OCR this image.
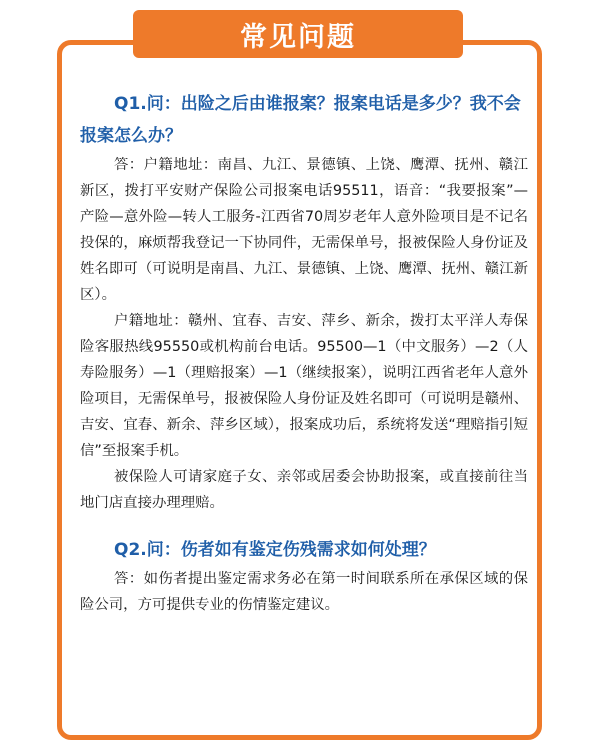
常见问题

Q1.问：出险之后由谁报案？报案电话是多少？我不会报案怎么办？

答：户籍地址：南昌、九江、景德镇、上饶、鹰潭、抚州、赣江新区，拨打平安财产保险公司报案电话95511，语音：“我要报案”—产险—意外险—转人工服务-江西省70周岁老年人意外险项目是不记名投保的，麻烦帮我登记一下协同件，无需保单号，报被保险人身份证及姓名即可（可说明是南昌、九江、景德镇、上饶、鹰潭、抚州、赣江新区）。

户籍地址：赣州、宜春、吉安、萍乡、新余，拨打太平洋人寿保险客服热线95550或机构前台电话。95500—1（中文服务）—2（人寿险服务）—1（理赔报案）—1（继续报案），说明江西省老年人意外险项目，无需保单号，报被保险人身份证及姓名即可（可说明是赣州、吉安、宜春、新余、萍乡区域），报案成功后，系统将发送“理赔指引短信”至报案手机。

被保险人可请家庭子女、亲邻或居委会协助报案，或直接前往当地门店直接办理理赔。

Q2.问：伤者如有鉴定伤残需求如何处理？

答：如伤者提出鉴定需求务必在第一时间联系所在承保区域的保险公司，方可提供专业的伤情鉴定建议。
